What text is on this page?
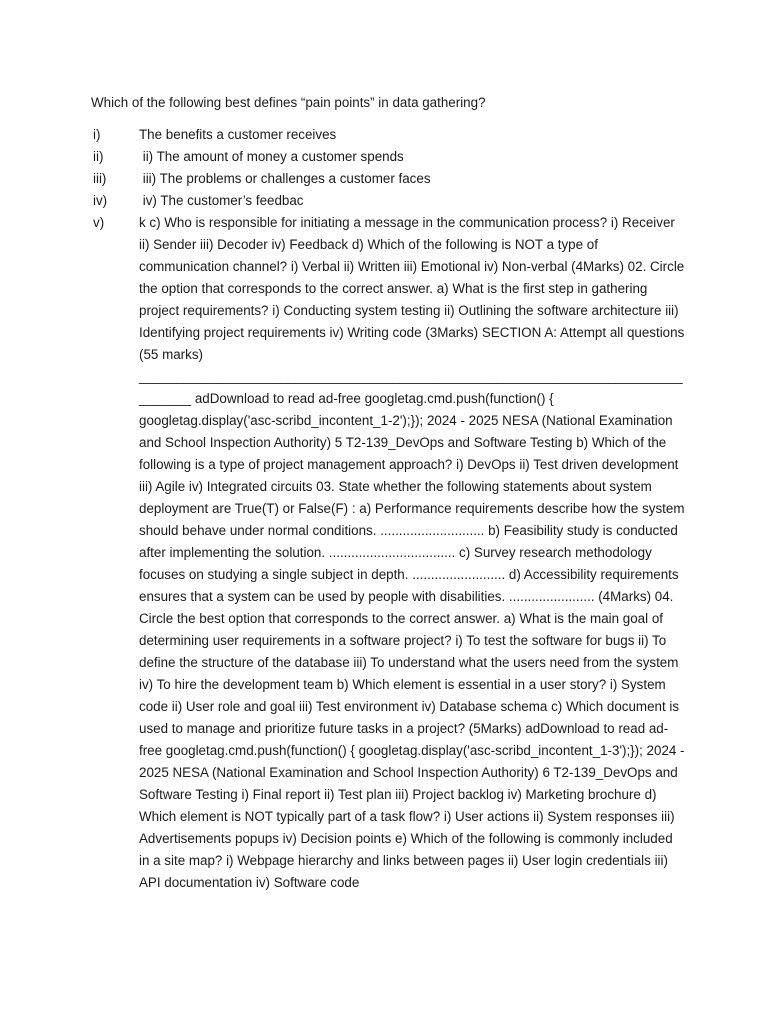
Which of the following best defines “pain points” in data gathering?
i)	The benefits a customer receives
ii)	ii) The amount of money a customer spends
iii)	iii) The problems or challenges a customer faces
iv)	iv) The customer’s feedbac
v)	k c) Who is responsible for initiating a message in the communication process? i) Receiver ii) Sender iii) Decoder iv) Feedback d) Which of the following is NOT a type of communication channel? i) Verbal ii) Written iii) Emotional iv) Non-verbal (4Marks) 02. Circle the option that corresponds to the correct answer. a) What is the first step in gathering project requirements? i) Conducting system testing ii) Outlining the software architecture iii) Identifying project requirements iv) Writing code (3Marks) SECTION A: Attempt all questions (55 marks) ________________________________________________________________________________ adDownload to read ad-free googletag.cmd.push(function() { googletag.display('asc-scribd_incontent_1-2');}); 2024 - 2025 NESA (National Examination and School Inspection Authority) 5 T2-139_DevOps and Software Testing b) Which of the following is a type of project management approach? i) DevOps ii) Test driven development iii) Agile iv) Integrated circuits 03. State whether the following statements about system deployment are True(T) or False(F) : a) Performance requirements describe how the system should behave under normal conditions. ............................ b) Feasibility study is conducted after implementing the solution. .................................. c) Survey research methodology focuses on studying a single subject in depth. ......................... d) Accessibility requirements ensures that a system can be used by people with disabilities. ....................... (4Marks) 04. Circle the best option that corresponds to the correct answer. a) What is the main goal of determining user requirements in a software project? i) To test the software for bugs ii) To define the structure of the database iii) To understand what the users need from the system iv) To hire the development team b) Which element is essential in a user story? i) System code ii) User role and goal iii) Test environment iv) Database schema c) Which document is used to manage and prioritize future tasks in a project? (5Marks) adDownload to read ad-free googletag.cmd.push(function() { googletag.display('asc-scribd_incontent_1-3');}); 2024 - 2025 NESA (National Examination and School Inspection Authority) 6 T2-139_DevOps and Software Testing i) Final report ii) Test plan iii) Project backlog iv) Marketing brochure d) Which element is NOT typically part of a task flow? i) User actions ii) System responses iii) Advertisements popups iv) Decision points e) Which of the following is commonly included in a site map? i) Webpage hierarchy and links between pages ii) User login credentials iii) API documentation iv) Software code
